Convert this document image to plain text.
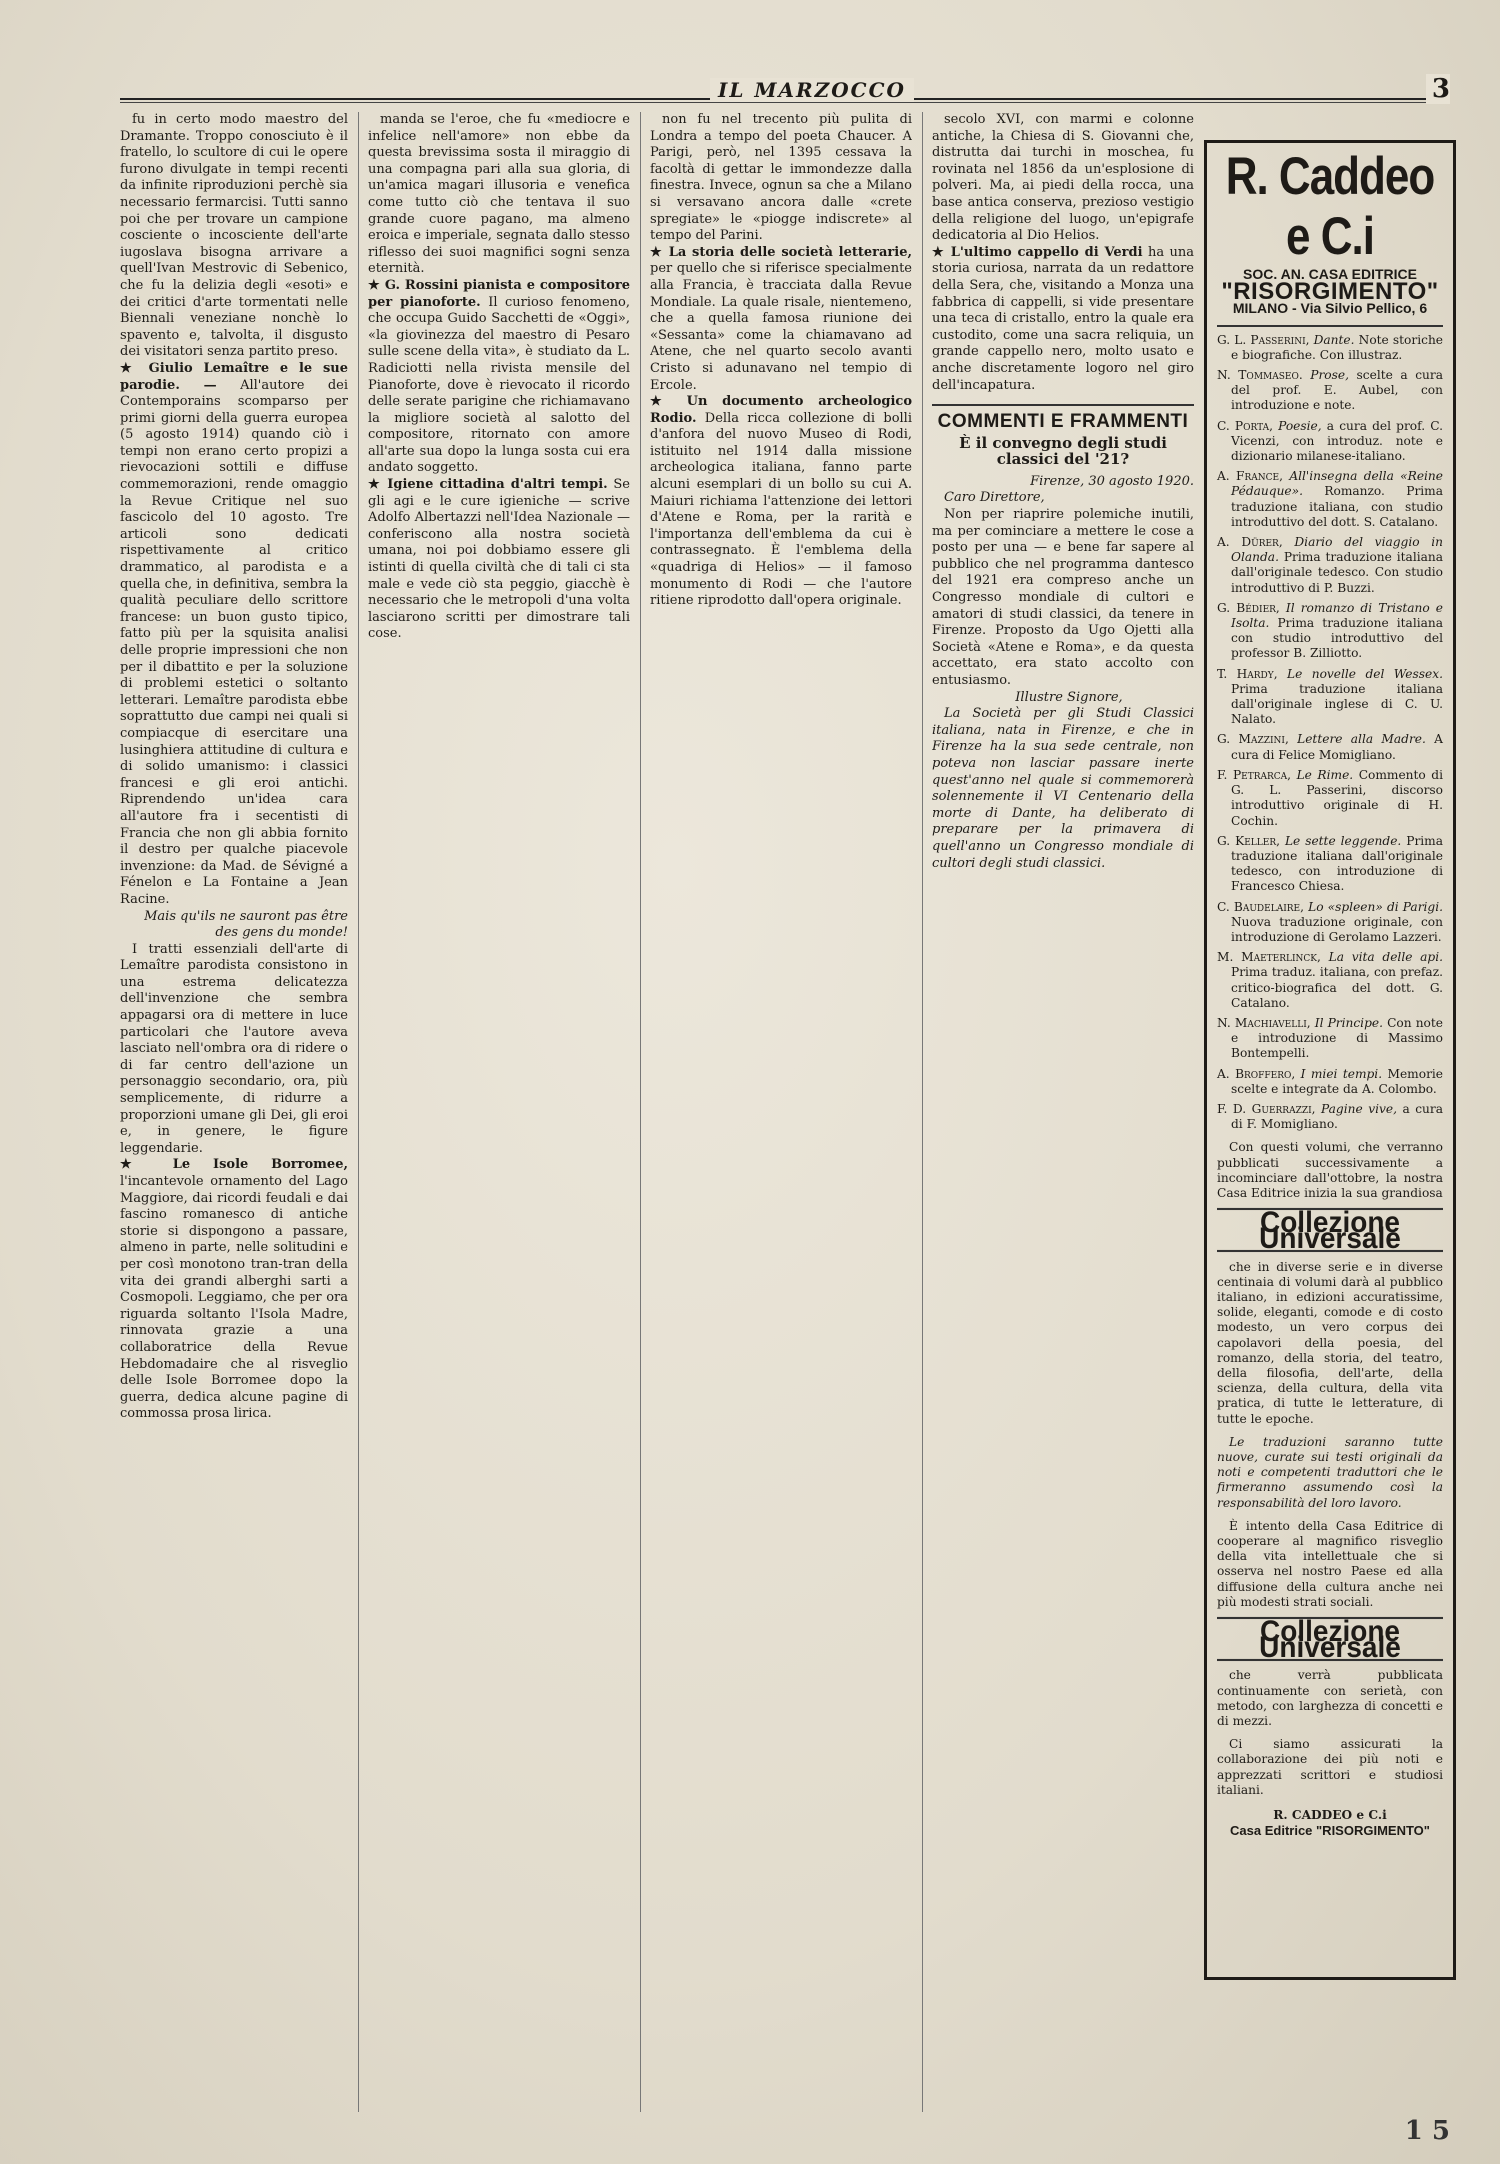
IL MARZOCCO	3

fu in certo modo maestro del Dramante. Troppo conosciuto è il fratello, lo scultore di cui le opere furono divulgate in tempi recenti da infinite riproduzioni perchè sia necessario fermarcisi. Tutti sanno poi che per trovare un campione cosciente o incosciente dell'arte iugoslava bisogna arrivare a quell'Ivan Mestrovic di Sebenico, che fu la delizia degli «esoti» e dei critici d'arte tormentati nelle Biennali veneziane nonchè lo spavento e, talvolta, il disgusto dei visitatori senza partito preso.

★ Giulio Lemaître e le sue parodie. — All'autore dei Contemporains scomparso per primi giorni della guerra europea (5 agosto 1914) quando ciò i tempi non erano certo propizi a rievocazioni sottili e diffuse commemorazioni, rende omaggio la Revue Critique nel suo fascicolo del 10 agosto. Tre articoli sono dedicati rispettivamente al critico drammatico, al parodista e a quella che, in definitiva, sembra la qualità peculiare dello scrittore francese: un buon gusto tipico, fatto più per la squisita analisi delle proprie impressioni che non per il dibattito e per la soluzione di problemi estetici o soltanto letterari. Lemaître parodista ebbe soprattutto due campi nei quali si compiacque di esercitare una lusinghiera attitudine di cultura e di solido umanismo: i classici francesi e gli eroi antichi. Riprendendo un'idea cara all'autore fra i secentisti di Francia che non gli abbia fornito il destro per qualche piacevole invenzione: da Mad. de Sévigné a Fénelon e La Fontaine a Jean Racine.

Mais qu'ils ne sauront pas être des gens du monde!

I tratti essenziali dell'arte di Lemaître parodista consistono in una estrema delicatezza dell'invenzione che sembra appagarsi ora di mettere in luce particolari che l'autore aveva lasciato nell'ombra ora di ridere o di far centro dell'azione un personaggio secondario, ora, più semplicemente, di ridurre a proporzioni umane gli Dei, gli eroi e, in genere, le figure leggendarie.

★ Le Isole Borromee, l'incantevole ornamento del Lago Maggiore, dai ricordi feudali e dai fascino romanesco di antiche storie si dispongono a passare, almeno in parte, nelle solitudini e per così monotono tran-tran della vita dei grandi alberghi sarti a Cosmopoli. Leggiamo, che per ora riguarda soltanto l'Isola Madre, rinnovata grazie a una collaboratrice della Revue Hebdomadaire che al risveglio delle Isole Borromee dopo la guerra, dedica alcune pagine di commossa prosa lirica.

manda se l'eroe, che fu «mediocre e infelice nell'amore» non ebbe da questa brevissima sosta il miraggio di una compagna pari alla sua gloria, di un'amica magari illusoria e venefica come tutto ciò che tentava il suo grande cuore pagano, ma almeno eroica e imperiale, segnata dallo stesso riflesso dei suoi magnifici sogni senza eternità.

★ G. Rossini pianista e compositore per pianoforte. Il curioso fenomeno, che occupa Guido Sacchetti de «Oggi», «la giovinezza del maestro di Pesaro sulle scene della vita», è studiato da L. Radiciotti nella rivista mensile del Pianoforte, dove è rievocato il ricordo delle serate parigine che richiamavano la migliore società al salotto del compositore, ritornato con amore all'arte sua dopo la lunga sosta cui era andato soggetto.

★ Igiene cittadina d'altri tempi. Se gli agi e le cure igieniche — scrive Adolfo Albertazzi nell'Idea Nazionale — conferiscono alla nostra società umana, noi poi dobbiamo essere gli istinti di quella civiltà che di tali ci sta male e vede ciò sta peggio, giacchè è necessario che le metropoli d'una volta lasciarono scritti per dimostrare tali cose.

non fu nel trecento più pulita di Londra a tempo del poeta Chaucer. A Parigi, però, nel 1395 cessava la facoltà di gettar le immondezze dalla finestra. Invece, ognun sa che a Milano si versavano ancora dalle «crete spregiate» le «piogge indiscrete» al tempo del Parini.

★ La storia delle società letterarie, per quello che si riferisce specialmente alla Francia, è tracciata dalla Revue Mondiale. La quale risale, nientemeno, che a quella famosa riunione dei «Sessanta» come la chiamavano ad Atene, che nel quarto secolo avanti Cristo si adunavano nel tempio di Ercole.

★ Un documento archeologico Rodio. Della ricca collezione di bolli d'anfora del nuovo Museo di Rodi, istituito nel 1914 dalla missione archeologica italiana, fanno parte alcuni esemplari di un bollo su cui A. Maiuri richiama l'attenzione dei lettori d'Atene e Roma, per la rarità e l'importanza dell'emblema da cui è contrassegnato. È l'emblema della «quadriga di Helios» — il famoso monumento di Rodi — che l'autore ritiene riprodotto dall'opera originale.

secolo XVI, con marmi e colonne antiche, la Chiesa di S. Giovanni che, distrutta dai turchi in moschea, fu rovinata nel 1856 da un'esplosione di polveri. Ma, ai piedi della rocca, una base antica conserva, prezioso vestigio della religione del luogo, un'epigrafe dedicatoria al Dio Helios.

★ L'ultimo cappello di Verdi ha una storia curiosa, narrata da un redattore della Sera, che, visitando a Monza una fabbrica di cappelli, si vide presentare una teca di cristallo, entro la quale era custodito, come una sacra reliquia, un grande cappello nero, molto usato e anche discretamente logoro nel giro dell'incapatura.

COMMENTI E FRAMMENTI
È il convegno degli studi classici del '21?

Firenze, 30 agosto 1920.

Caro Direttore,

Non per riaprire polemiche inutili, ma per cominciare a mettere le cose a posto per una — e bene far sapere al pubblico che nel programma dantesco del 1921 era compreso anche un Congresso mondiale di cultori e amatori di studi classici, da tenere in Firenze. Proposto da Ugo Ojetti alla Società «Atene e Roma», e da questa accettato, era stato accolto con entusiasmo.

Illustre Signore,

La Società per gli Studi Classici italiana, nata in Firenze, e che in Firenze ha la sua sede centrale, non poteva non lasciar passare inerte quest'anno nel quale si commemorerà solennemente il VI Centenario della morte di Dante, ha deliberato di preparare per la primavera di quell'anno un Congresso mondiale di cultori degli studi classici.

R. Caddeo e C.i
SOC. AN. CASA EDITRICE
"RISORGIMENTO"
MILANO - Via Silvio Pellico, 6
G. L. Passerini, Dante. Note storiche e biografiche. Con illustraz.
N. Tommaseo. Prose, scelte a cura del prof. E. Aubel, con introduzione e note.
C. Porta, Poesie, a cura del prof. C. Vicenzi, con introduz. note e dizionario milanese-italiano.
A. France, All'insegna della «Reine Pédauque». Romanzo. Prima traduzione italiana, con studio introduttivo del dott. S. Catalano.
A. Dürer, Diario del viaggio in Olanda. Prima traduzione italiana dall'originale tedesco. Con studio introduttivo di P. Buzzi.
G. Bédier, Il romanzo di Tristano e Isolta. Prima traduzione italiana con studio introduttivo del professor B. Zilliotto.
T. Hardy, Le novelle del Wessex. Prima traduzione italiana dall'originale inglese di C. U. Nalato.
G. Mazzini, Lettere alla Madre. A cura di Felice Momigliano.
F. Petrarca, Le Rime. Commento di G. L. Passerini, discorso introduttivo originale di H. Cochin.
G. Keller, Le sette leggende. Prima traduzione italiana dall'originale tedesco, con introduzione di Francesco Chiesa.
C. Baudelaire, Lo «spleen» di Parigi. Nuova traduzione originale, con introduzione di Gerolamo Lazzeri.
M. Maeterlinck, La vita delle api. Prima traduz. italiana, con prefaz. critico-biografica del dott. G. Catalano.
N. Machiavelli, Il Principe. Con note e introduzione di Massimo Bontempelli.
A. Broffero, I miei tempi. Memorie scelte e integrate da A. Colombo.
F. D. Guerrazzi, Pagine vive, a cura di F. Momigliano.

Con questi volumi, che verranno pubblicati successivamente a incominciare dall'ottobre, la nostra Casa Editrice inizia la sua grandiosa

Collezione Universale

che in diverse serie e in diverse centinaia di volumi darà al pubblico italiano, in edizioni accuratissime, solide, eleganti, comode e di costo modesto, un vero corpus dei capolavori della poesia, del romanzo, della storia, del teatro, della filosofia, dell'arte, della scienza, della cultura, della vita pratica, di tutte le letterature, di tutte le epoche.

Le traduzioni saranno tutte nuove, curate sui testi originali da noti e competenti traduttori che le firmeranno assumendo così la responsabilità del loro lavoro.

È intento della Casa Editrice di cooperare al magnifico risveglio della vita intellettuale che si osserva nel nostro Paese ed alla diffusione della cultura anche nei più modesti strati sociali.

Collezione Universale

che verrà pubblicata continuamente con serietà, con metodo, con larghezza di concetti e di mezzi.

Ci siamo assicurati la collaborazione dei più noti e apprezzati scrittori e studiosi italiani.

R. CADDEO e C.i
Casa Editrice "RISORGIMENTO"
1 5
